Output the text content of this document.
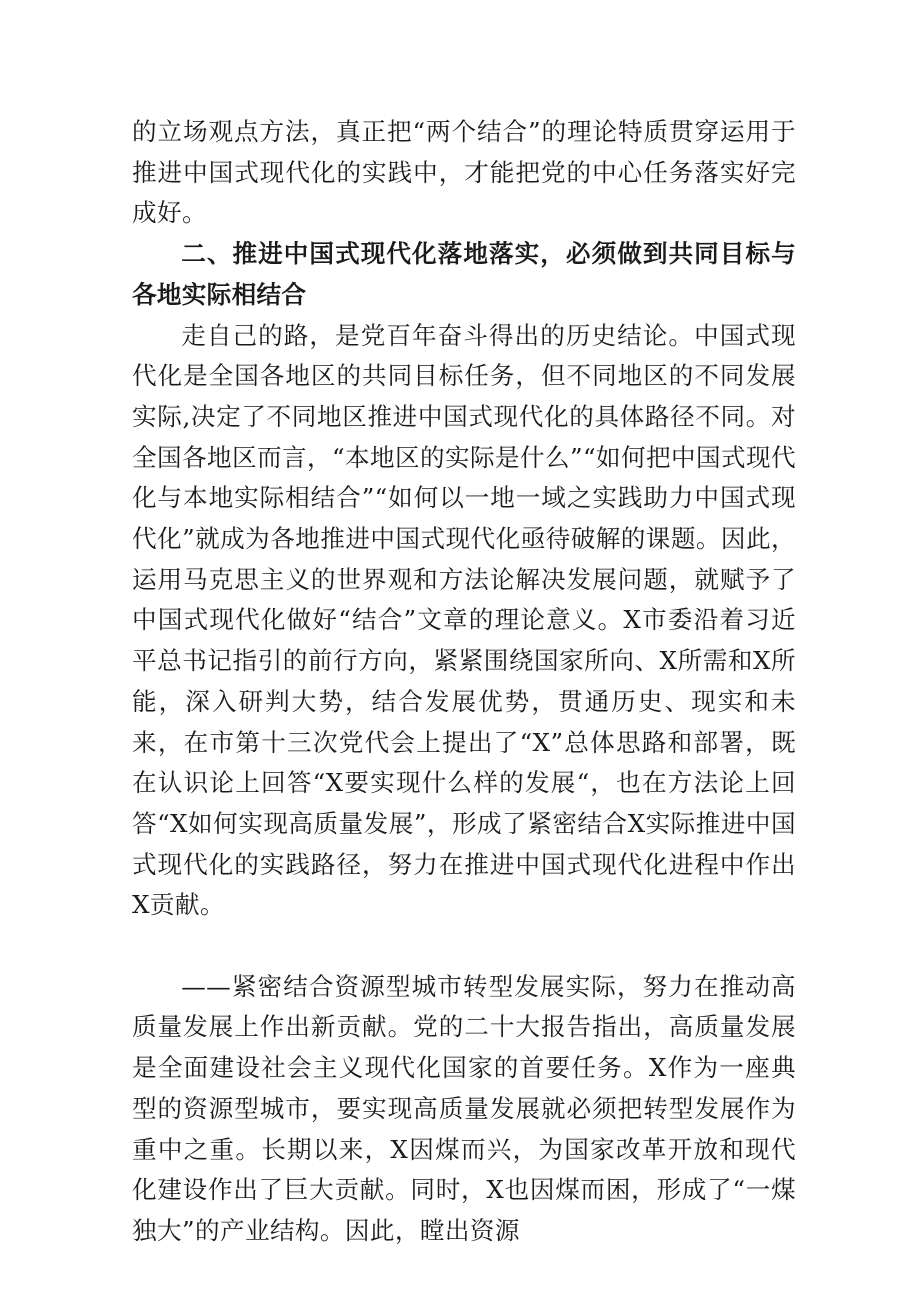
的立场观点方法，真正把“两个结合”的理论特质贯穿运用于推进中国式现代化的实践中，才能把党的中心任务落实好完成好。

二、推进中国式现代化落地落实，必须做到共同目标与各地实际相结合

走自己的路，是党百年奋斗得出的历史结论。中国式现代化是全国各地区的共同目标任务，但不同地区的不同发展实际,决定了不同地区推进中国式现代化的具体路径不同。对全国各地区而言，“本地区的实际是什么”“如何把中国式现代化与本地实际相结合”“如何以一地一域之实践助力中国式现代化”就成为各地推进中国式现代化亟待破解的课题。因此，运用马克思主义的世界观和方法论解决发展问题，就赋予了中国式现代化做好“结合”文章的理论意义。X市委沿着习近平总书记指引的前行方向，紧紧围绕国家所向、X所需和X所能，深入研判大势，结合发展优势，贯通历史、现实和未来，在市第十三次党代会上提出了“X”总体思路和部署，既在认识论上回答“X要实现什么样的发展“，也在方法论上回答“X如何实现高质量发展”，形成了紧密结合X实际推进中国式现代化的实践路径，努力在推进中国式现代化进程中作出X贡献。

——紧密结合资源型城市转型发展实际，努力在推动高质量发展上作出新贡献。党的二十大报告指出，高质量发展是全面建设社会主义现代化国家的首要任务。X作为一座典型的资源型城市，要实现高质量发展就必须把转型发展作为重中之重。长期以来，X因煤而兴，为国家改革开放和现代化建设作出了巨大贡献。同时，X也因煤而困，形成了“一煤独大”的产业结构。因此，瞠出资源
